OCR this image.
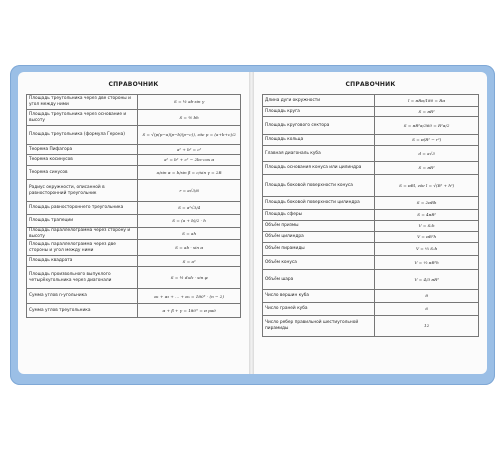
СПРАВОЧНИК
Площадь треугольника через две стороны и угол между ними	S = ½ ab·sin γ
Площадь треугольника через основание и высоту	S = ½ bh
Площадь треугольника (формула Герона)	S = √(p(p−a)(p−b)(p−c)), где p = (a+b+c)/2
Теорема Пифагора	a² + b² = c²
Теорема косинусов	a² = b² + c² − 2bc·cos α
Теорема синусов	a/sin α = b/sin β = c/sin γ = 2R
Радиус окружности, описанной в равносторонний треугольник	r = a√3/6
Площадь равностороннего треугольника	S = a²√3/4
Площадь трапеции	S = (a + b)/2 · h
Площадь параллелограмма через сторону и высоту	S = ah
Площадь параллелограмма через две стороны и угол между ними	S = ab · sin α
Площадь квадрата	S = a²
Площадь произвольного выпуклого четырёхугольника через диагонали	S = ½ d₁d₂ · sin φ
Сумма углов n-угольника	α₁ + α₂ + … + αₙ = 180° · (n − 2)
Сумма углов треугольника	α + β + γ = 180° = π рад
СПРАВОЧНИК
Длина дуги окружности	l = πRα/180 = Rα
Площадь круга	S = πR²
Площадь кругового сектора	S = πR²α/360 = R²α/2
Площадь кольца	S = π(R² − r²)
Главная диагональ куба	d = a√3
Площадь основания конуса или цилиндра	S = πR²
Площадь боковой поверхности конуса	S = πRl, где l = √(R² + h²)
Площадь боковой поверхности цилиндра	S = 2πRh
Площадь сферы	S = 4πR²
Объём призмы	V = Sₒh
Объём цилиндра	V = πR²h
Объём пирамиды	V = ⅓ Sₒh
Объём конуса	V = ⅓ πR²h
Объём шара	V = 4/3 πR³
Число вершин куба	8
Число граней куба	6
Число ребер правильной шестиугольной пирамиды	12
